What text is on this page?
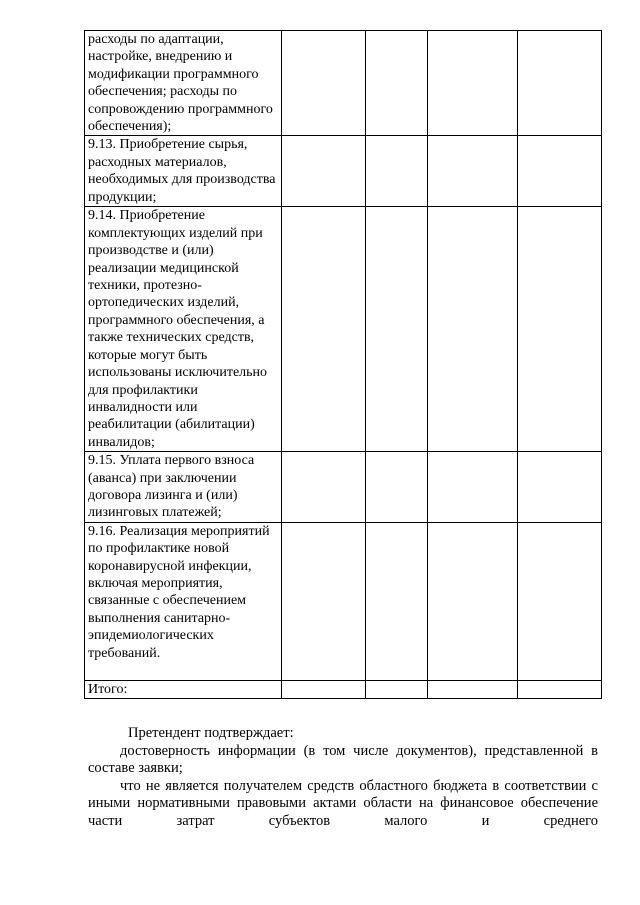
расходы по адаптации, настройке, внедрению и модификации программного обеспечения; расходы по сопровождению программного обеспечения);				
9.13. Приобретение сырья, расходных материалов, необходимых для производства продукции;				
9.14. Приобретение комплектующих изделий при производстве и (или) реализации медицинской техники, протезно-ортопедических изделий, программного обеспечения, а также технических средств, которые могут быть использованы исключительно для профилактики инвалидности или реабилитации (абилитации) инвалидов;				
9.15. Уплата первого взноса (аванса) при заключении договора лизинга и (или) лизинговых платежей;				
9.16. Реализация мероприятий по профилактике новой коронавирусной инфекции, включая мероприятия, связанные с обеспечением выполнения санитарно-эпидемиологических требований.				
Итого:				

Претендент подтверждает:

достоверность информации (в том числе документов), представленной в составе заявки;

что не является получателем средств областного бюджета в соответствии с иными нормативными правовыми актами области на финансовое обеспечение части затрат субъектов малого и среднего
